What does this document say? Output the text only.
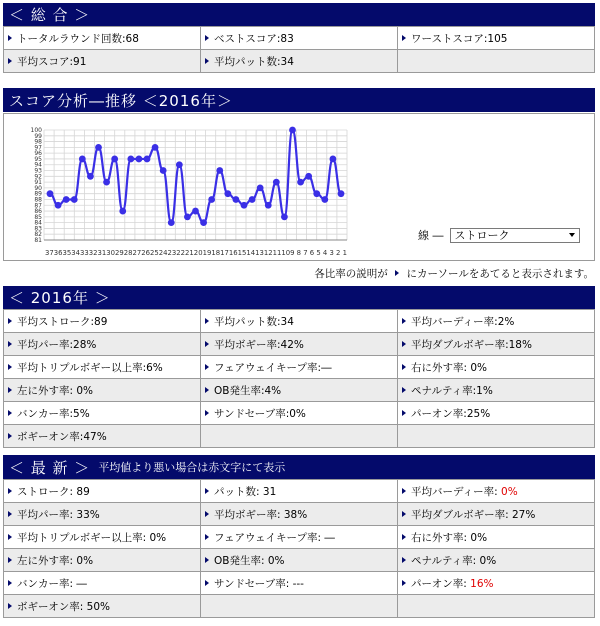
＜ 総 合 ＞
トータルラウンド回数:68	ベストスコア:83	ワーストスコア:105
平均スコア:91	平均パット数:34	
スコア分析―推移 ＜2016年＞
100
99
98
97
96
95
94
93
92
91
90
89
88
87
86
85
84
83
82
81
373635343332313029282726252423222120191817161514131211109 8 7 6 5 4 3 2 1
線 ― ストローク
各比率の説明が にカーソールをあてると表示されます。
＜ 2016年 ＞
平均ストローク:89	平均パット数:34	平均バーディー率:2%
平均パー率:28%	平均ボギー率:42%	平均ダブルボギー率:18%
平均トリプルボギー以上率:6%	フェアウェイキープ率:―	右に外す率: 0%
左に外す率: 0%	OB発生率:4%	ペナルティ率:1%
バンカー率:5%	サンドセーブ率:0%	パーオン率:25%
ボギーオン率:47%		
＜ 最 新 ＞ 平均値より悪い場合は赤文字にて表示
ストローク: 89	パット数: 31	平均バーディー率: 0%
平均パー率: 33%	平均ボギー率: 38%	平均ダブルボギー率: 27%
平均トリプルボギー以上率: 0%	フェアウェイキープ率: ―	右に外す率: 0%
左に外す率: 0%	OB発生率: 0%	ペナルティ率: 0%
バンカー率: ―	サンドセーブ率: ---	パーオン率: 16%
ボギーオン率: 50%		
